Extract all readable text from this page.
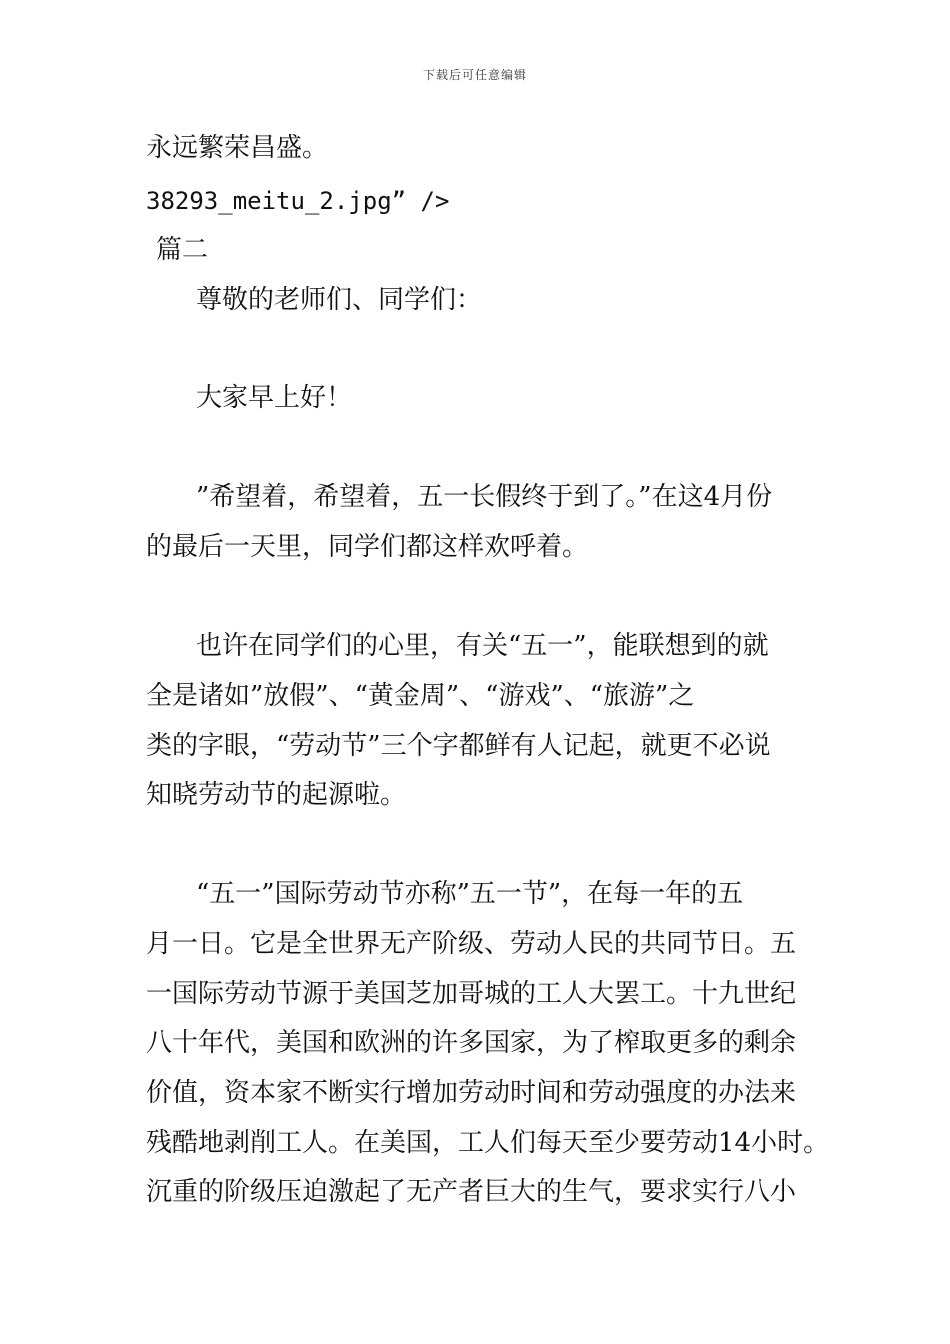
下载后可任意编辑
永远繁荣昌盛。
38293_meitu_2.jpg” />
篇二
尊敬的老师们、同学们：
大家早上好！
”希望着，希望着，五一长假终于到了。”在这4月份
的最后一天里，同学们都这样欢呼着。
也许在同学们的心里，有关“五一”，能联想到的就
全是诸如”放假”、“黄金周”、“游戏”、“旅游”之
类的字眼，“劳动节”三个字都鲜有人记起，就更不必说
知晓劳动节的起源啦。
“五一”国际劳动节亦称”五一节”，在每一年的五
月一日。它是全世界无产阶级、劳动人民的共同节日。五
一国际劳动节源于美国芝加哥城的工人大罢工。十九世纪
八十年代，美国和欧洲的许多国家，为了榨取更多的剩余
价值，资本家不断实行增加劳动时间和劳动强度的办法来
残酷地剥削工人。在美国，工人们每天至少要劳动14小时。
沉重的阶级压迫激起了无产者巨大的生气，要求实行八小
